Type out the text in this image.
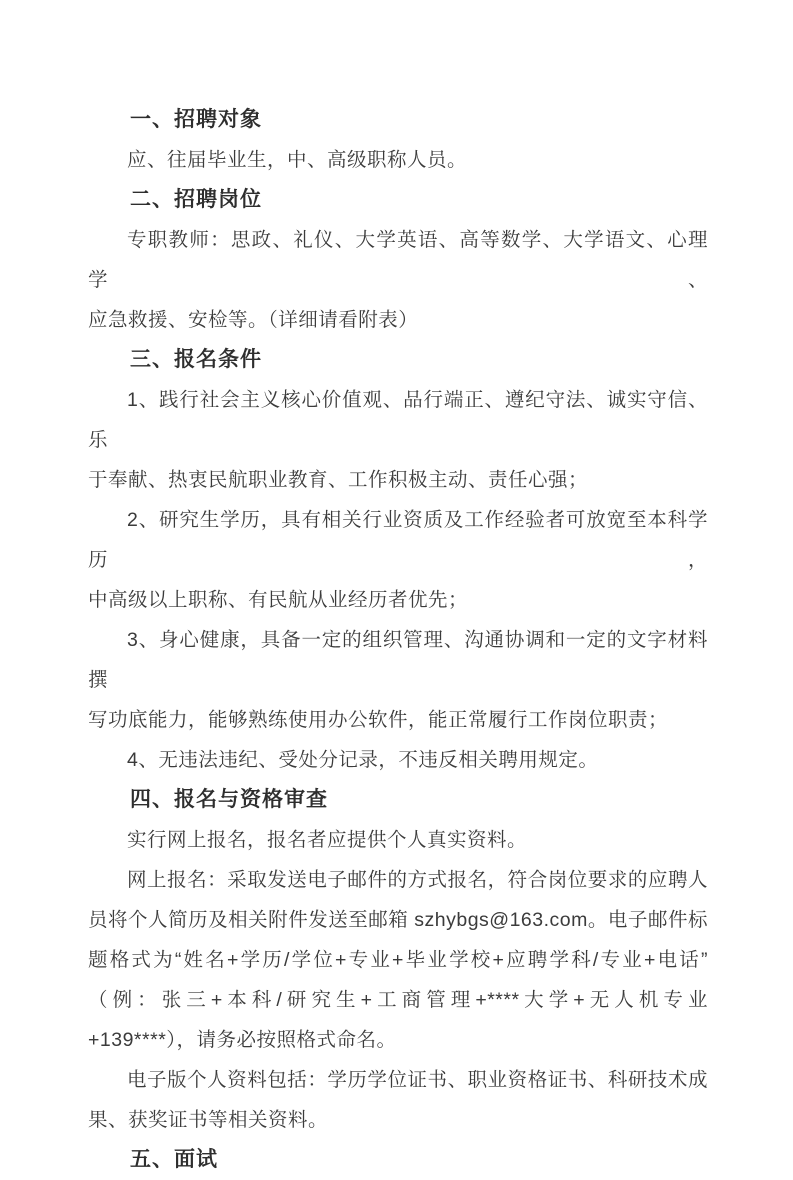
一、招聘对象
应、往届毕业生，中、高级职称人员。
二、招聘岗位
专职教师：思政、礼仪、大学英语、高等数学、大学语文、心理学、
应急救援、安检等。（详细请看附表）
三、报名条件
1、践行社会主义核心价值观、品行端正、遵纪守法、诚实守信、乐
于奉献、热衷民航职业教育、工作积极主动、责任心强；
2、研究生学历，具有相关行业资质及工作经验者可放宽至本科学历，
中高级以上职称、有民航从业经历者优先；
3、身心健康，具备一定的组织管理、沟通协调和一定的文字材料撰
写功底能力，能够熟练使用办公软件，能正常履行工作岗位职责；
4、无违法违纪、受处分记录，不违反相关聘用规定。
四、报名与资格审查
实行网上报名，报名者应提供个人真实资料。
网上报名：采取发送电子邮件的方式报名，符合岗位要求的应聘人
员将个人简历及相关附件发送至邮箱 szhybgs@163.com。电子邮件标
题格式为“姓名+学历/学位+专业+毕业学校+应聘学科/专业+电话”
（例：张三+本科/研究生+工商管理+****大学+无人机专业
+139****），请务必按照格式命名。
电子版个人资料包括：学历学位证书、职业资格证书、科研技术成
果、获奖证书等相关资料。
五、面试
